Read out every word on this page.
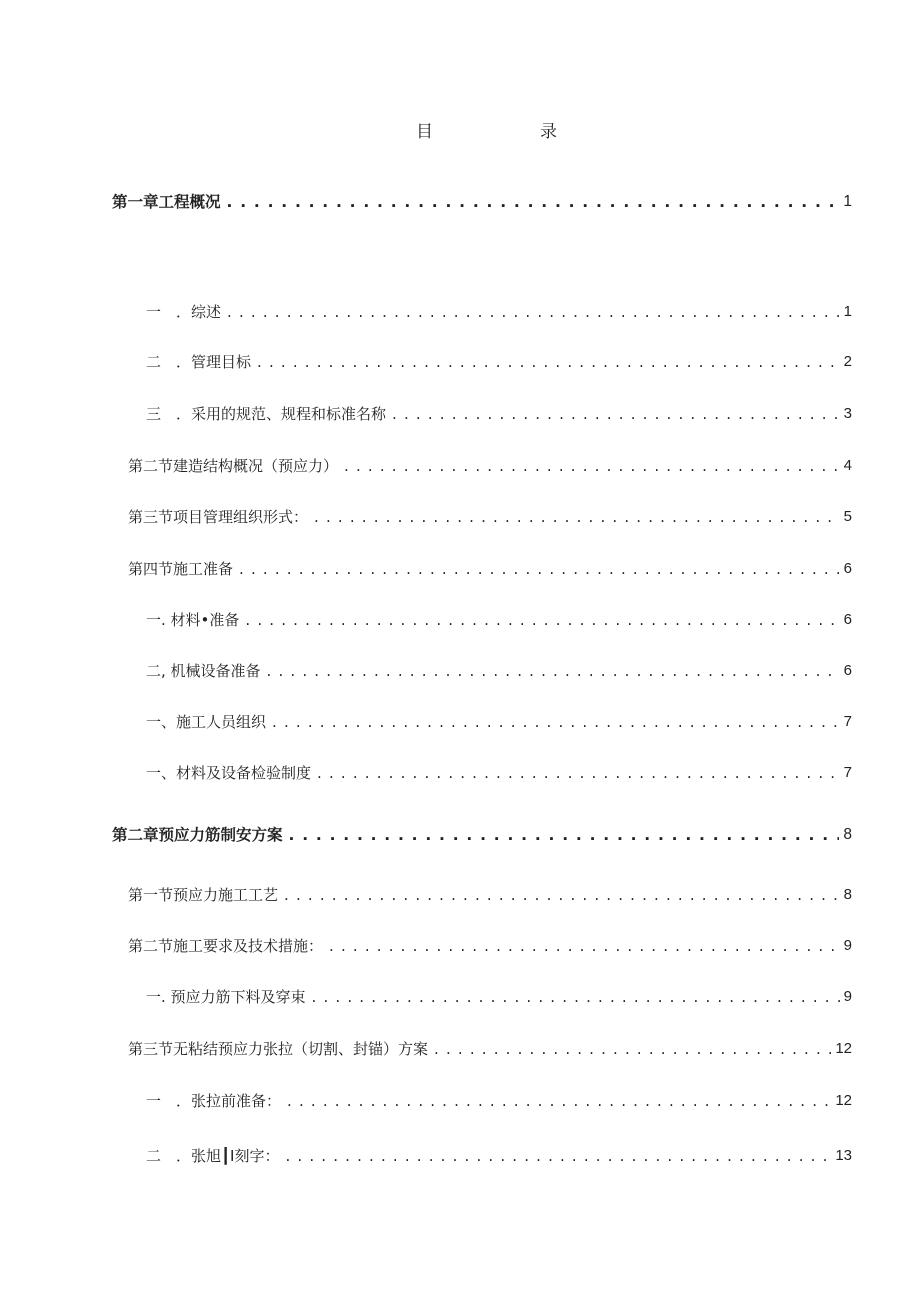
目	录
第一章工程概况 . . .	1
一　．综述 . . .	1
二　．管理目标 . . .	2
三　．采用的规范、规程和标准名称 . . .	3
第二节建造结构概况（预应力） . . .	4
第三节项目管理组织形式： . . .	5
第四节施工准备 . . .	6
一. 材料•准备 . . .	6
二, 机械设备准备 . . .	6
一、施工人员组织 . . .	7
一、材料及设备检验制度 . . .	7
第二章预应力筋制安方案 . . .	8
第一节预应力施工工艺 . . .	8
第二节施工要求及技术措施： . . .	9
一. 预应力筋下料及穿束 . . .	9
第三节无粘结预应力张拉（切割、封锚）方案 . . .	12
一　．张拉前准备： . . .	12
二　．张旭┃Ⅰ刻字： . . .	13
